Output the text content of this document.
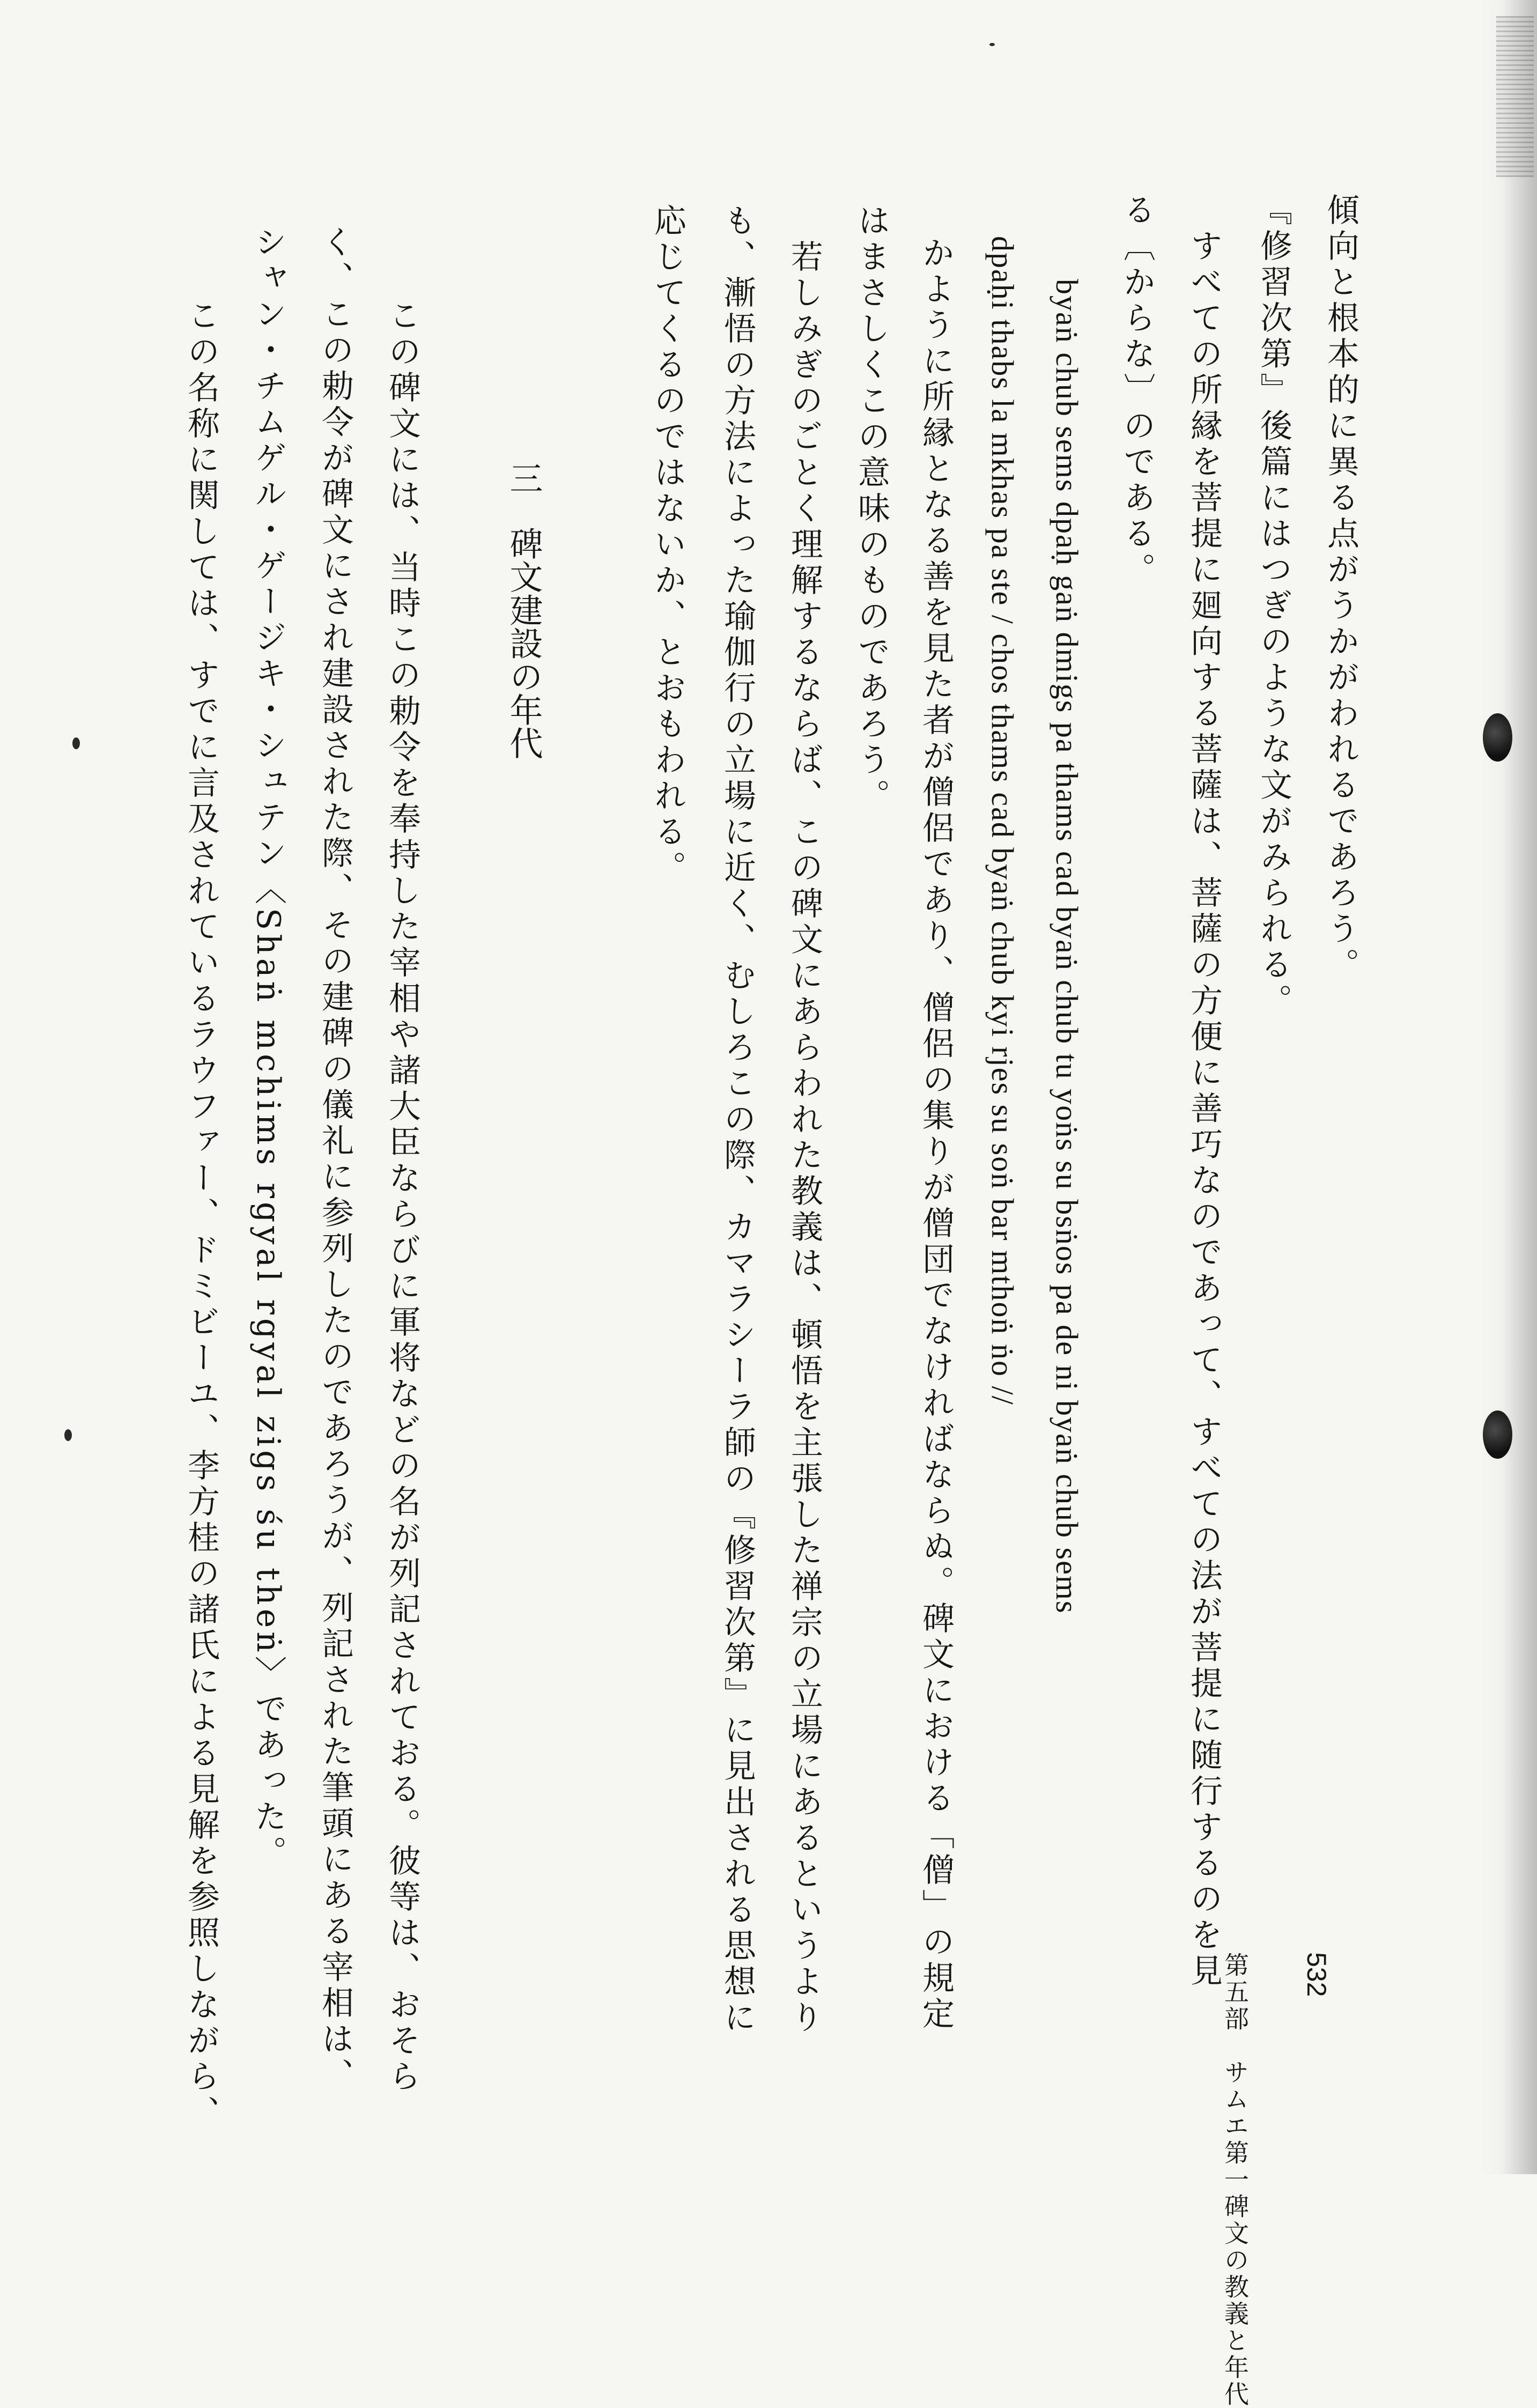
532
第五部　サムエ第一碑文の教義と年代
傾向と根本的に異る点がうかがわれるであろう。
『修習次第』後篇にはつぎのような文がみられる。
　すべての所縁を菩提に廻向する菩薩は、菩薩の方便に善巧なのであって、すべての法が菩提に随行するのを見
る〔からな〕のである。
byaṅ chub sems dpaḥ gaṅ dmigs pa thams cad byaṅ chub tu yoṅs su bsṅos pa de ni byaṅ chub sems
dpaḥi thabs la mkhas pa ste / chos thams cad byaṅ chub kyi rjes su soṅ bar mthoṅ ṅo //
かように所縁となる善を見た者が僧侶であり、僧侶の集りが僧団でなければならぬ。碑文における「僧」の規定
はまさしくこの意味のものであろう。
　若しみぎのごとく理解するならば、この碑文にあらわれた教義は、頓悟を主張した禅宗の立場にあるというより
も、漸悟の方法によった瑜伽行の立場に近く、むしろこの際、カマラシーラ師の『修習次第』に見出される思想に
応じてくるのではないか、とおもわれる。
三碑文建設の年代
　この碑文には、当時この勅令を奉持した宰相や諸大臣ならびに軍将などの名が列記されておる。彼等は、おそら
く、この勅令が碑文にされ建設された際、その建碑の儀礼に参列したのであろうが、列記された筆頭にある宰相は、
シャン・チムゲル・ゲージキ・シュテン〈Shaṅ mchims rgyal rgyal zigs śu theṅ〉であった。
　この名称に関しては、すでに言及されているラウファー、ドミビーユ、李方桂の諸氏による見解を参照しながら、
